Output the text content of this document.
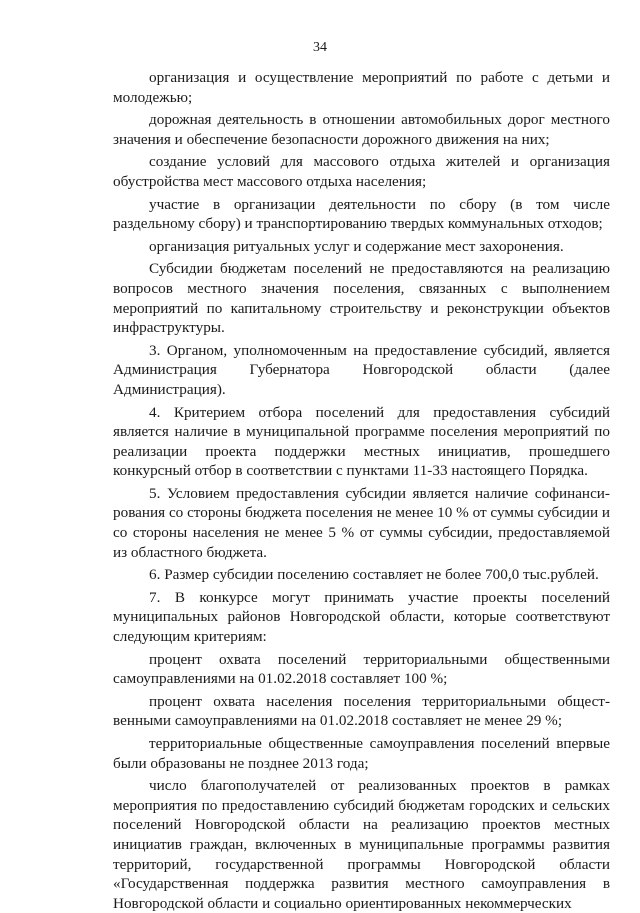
34

организация и осуществление мероприятий по работе с детьми и молодежью;

дорожная деятельность в отношении автомобильных дорог местного значения и обеспечение безопасности дорожного движения на них;

создание условий для массового отдыха жителей и организация обустройства мест массового отдыха населения;

участие в организации деятельности по сбору (в том числе раздельному сбору) и транспортированию твердых коммунальных отходов;

организация ритуальных услуг и содержание мест захоронения.

Субсидии бюджетам поселений не предоставляются на реализацию вопросов местного значения поселения, связанных с выполнением мероприятий по капитальному строительству и реконструкции объектов инфраструктуры.

3. Органом, уполномоченным на предоставление субсидий, является Администрация Губернатора Новгородской области (далее Администрация).

4. Критерием отбора поселений для предоставления субсидий является наличие в муниципальной программе поселения мероприятий по реализации проекта поддержки местных инициатив, прошедшего конкурсный отбор в соответствии с пунктами 11-33 настоящего Порядка.

5. Условием предоставления субсидии является наличие софинанси-рования со стороны бюджета поселения не менее 10 % от суммы субсидии и со стороны населения не менее 5 % от суммы субсидии, предоставляемой из областного бюджета.

6. Размер субсидии поселению составляет не более 700,0 тыс.рублей.

7. В конкурсе могут принимать участие проекты поселений муниципальных районов Новгородской области, которые соответствуют следующим критериям:

процент охвата поселений территориальными общественными самоуправлениями на 01.02.2018 составляет 100 %;

процент охвата населения поселения территориальными общест-венными самоуправлениями на 01.02.2018 составляет не менее 29 %;

территориальные общественные самоуправления поселений впервые были образованы не позднее 2013 года;

число благополучателей от реализованных проектов в рамках мероприятия по предоставлению субсидий бюджетам городских и сельских поселений Новгородской области на реализацию проектов местных инициатив граждан, включенных в муниципальные программы развития территорий, государственной программы Новгородской области «Государственная поддержка развития местного самоуправления в Новгородской области и социально ориентированных некоммерческих
